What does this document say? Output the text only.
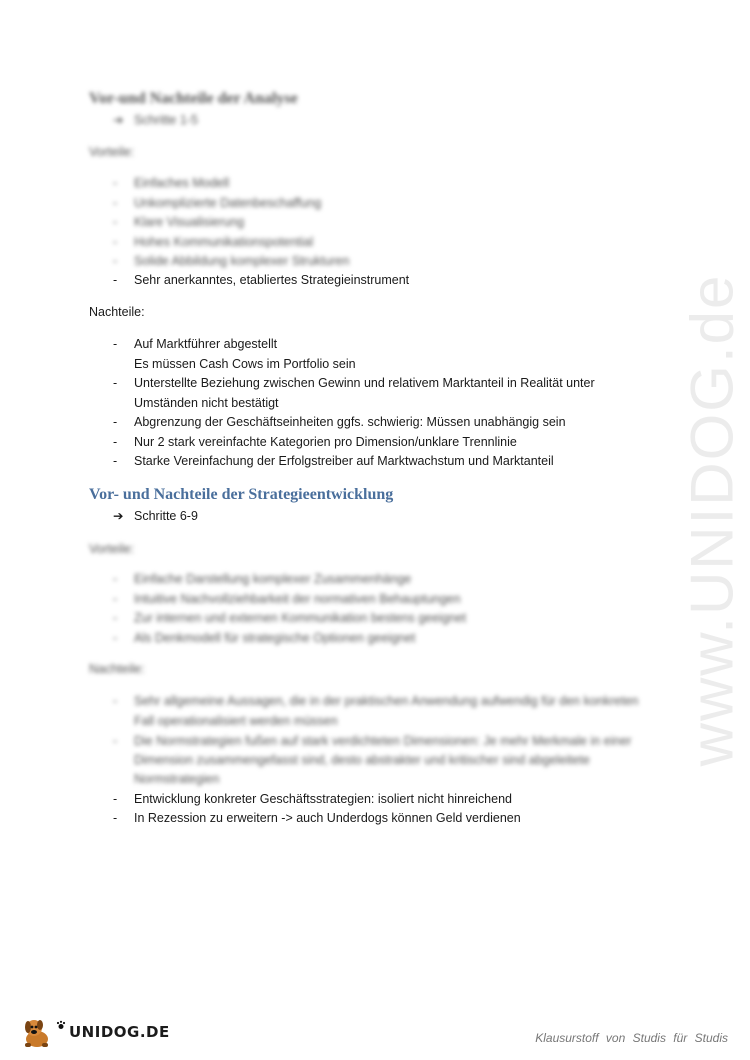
www.UNIDOG.de
Vor-und Nachteile der Analyse
➔ Schritte 1-5
Vorteile:
- Einfaches Modell
- Unkomplizierte Datenbeschaffung
- Klare Visualisierung
- Hohes Kommunikationspotential
- Solide Abbildung komplexer Strukturen
- Sehr anerkanntes, etabliertes Strategieinstrument
Nachteile:
- Auf Marktführer abgestellt
Es müssen Cash Cows im Portfolio sein
- Unterstellte Beziehung zwischen Gewinn und relativem Marktanteil in Realität unter
Umständen nicht bestätigt
- Abgrenzung der Geschäftseinheiten ggfs. schwierig: Müssen unabhängig sein
- Nur 2 stark vereinfachte Kategorien pro Dimension/unklare Trennlinie
- Starke Vereinfachung der Erfolgstreiber auf Marktwachstum und Marktanteil
Vor- und Nachteile der Strategieentwicklung
➔ Schritte 6-9
Vorteile:
- Einfache Darstellung komplexer Zusammenhänge
- Intuitive Nachvollziehbarkeit der normativen Behauptungen
- Zur internen und externen Kommunikation bestens geeignet
- Als Denkmodell für strategische Optionen geeignet
Nachteile:
- Sehr allgemeine Aussagen, die in der praktischen Anwendung aufwendig für den konkreten
Fall operationalisiert werden müssen
- Die Normstrategien fußen auf stark verdichteten Dimensionen: Je mehr Merkmale in einer
Dimension zusammengefasst sind, desto abstrakter und kritischer sind abgeleitete
Normstrategien
- Entwicklung konkreter Geschäftsstrategien: isoliert nicht hinreichend
- In Rezession zu erweitern -> auch Underdogs können Geld verdienen
UNIDOG.DE	Klausurstoff von Studis für Studis
